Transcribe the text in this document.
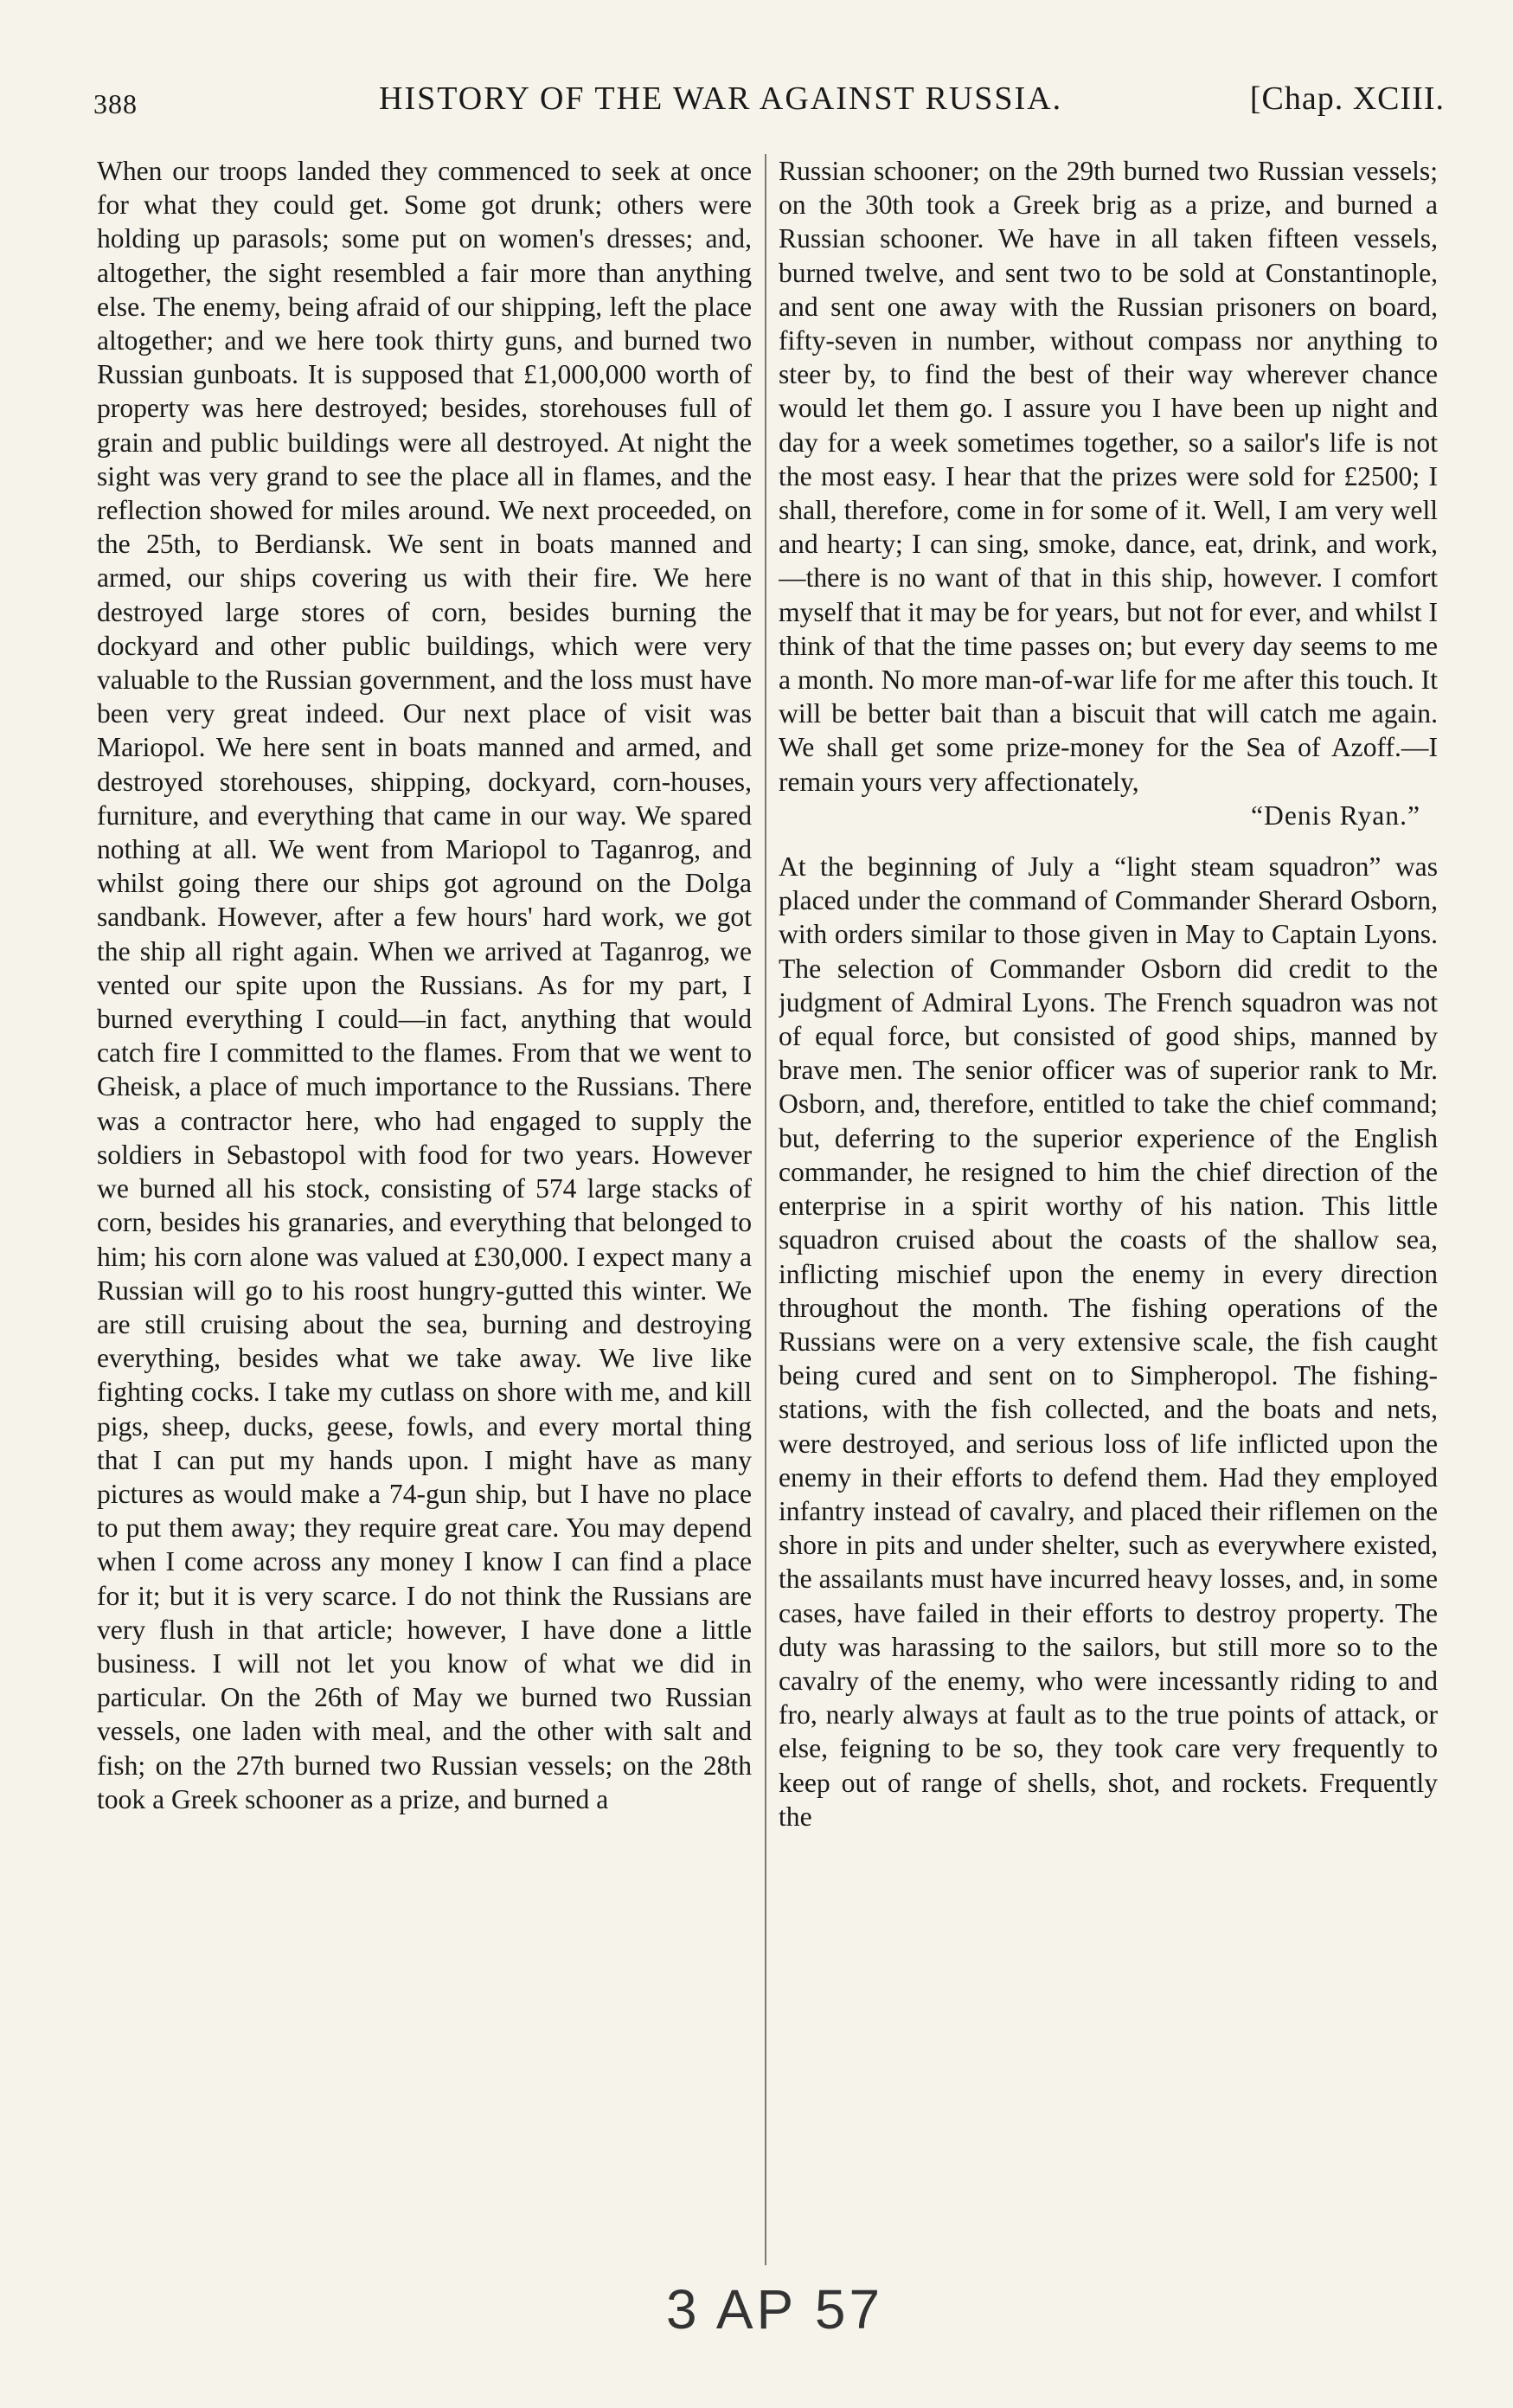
388	HISTORY OF THE WAR AGAINST RUSSIA.	[Chap. XCIII.

When our troops landed they commenced to seek at once for what they could get. Some got drunk; others were holding up parasols; some put on women's dresses; and, altogether, the sight resembled a fair more than anything else. The enemy, being afraid of our shipping, left the place altogether; and we here took thirty guns, and burned two Russian gunboats. It is supposed that £1,000,000 worth of property was here destroyed; besides, storehouses full of grain and public buildings were all destroyed. At night the sight was very grand to see the place all in flames, and the reflection showed for miles around. We next proceeded, on the 25th, to Berdiansk. We sent in boats manned and armed, our ships covering us with their fire. We here destroyed large stores of corn, besides burning the dockyard and other public buildings, which were very valuable to the Russian government, and the loss must have been very great indeed. Our next place of visit was Mariopol. We here sent in boats manned and armed, and destroyed storehouses, shipping, dockyard, corn-houses, furniture, and everything that came in our way. We spared nothing at all. We went from Mariopol to Taganrog, and whilst going there our ships got aground on the Dolga sandbank. However, after a few hours' hard work, we got the ship all right again. When we arrived at Taganrog, we vented our spite upon the Russians. As for my part, I burned everything I could—in fact, anything that would catch fire I committed to the flames. From that we went to Gheisk, a place of much importance to the Russians. There was a contractor here, who had engaged to supply the soldiers in Sebastopol with food for two years. However we burned all his stock, consisting of 574 large stacks of corn, besides his granaries, and everything that belonged to him; his corn alone was valued at £30,000. I expect many a Russian will go to his roost hungry-gutted this winter. We are still cruising about the sea, burning and destroying everything, besides what we take away. We live like fighting cocks. I take my cutlass on shore with me, and kill pigs, sheep, ducks, geese, fowls, and every mortal thing that I can put my hands upon. I might have as many pictures as would make a 74-gun ship, but I have no place to put them away; they require great care. You may depend when I come across any money I know I can find a place for it; but it is very scarce. I do not think the Russians are very flush in that article; however, I have done a little business. I will not let you know of what we did in particular. On the 26th of May we burned two Russian vessels, one laden with meal, and the other with salt and fish; on the 27th burned two Russian vessels; on the 28th took a Greek schooner as a prize, and burned a

Russian schooner; on the 29th burned two Russian vessels; on the 30th took a Greek brig as a prize, and burned a Russian schooner. We have in all taken fifteen vessels, burned twelve, and sent two to be sold at Constantinople, and sent one away with the Russian prisoners on board, fifty-seven in number, without compass nor anything to steer by, to find the best of their way wherever chance would let them go. I assure you I have been up night and day for a week sometimes together, so a sailor's life is not the most easy. I hear that the prizes were sold for £2500; I shall, therefore, come in for some of it. Well, I am very well and hearty; I can sing, smoke, dance, eat, drink, and work,—there is no want of that in this ship, however. I comfort myself that it may be for years, but not for ever, and whilst I think of that the time passes on; but every day seems to me a month. No more man-of-war life for me after this touch. It will be better bait than a biscuit that will catch me again. We shall get some prize-money for the Sea of Azoff.—I remain yours very affectionately,

“Denis Ryan.”

At the beginning of July a “light steam squadron” was placed under the command of Commander Sherard Osborn, with orders similar to those given in May to Captain Lyons. The selection of Commander Osborn did credit to the judgment of Admiral Lyons. The French squadron was not of equal force, but consisted of good ships, manned by brave men. The senior officer was of superior rank to Mr. Osborn, and, therefore, entitled to take the chief command; but, deferring to the superior experience of the English commander, he resigned to him the chief direction of the enterprise in a spirit worthy of his nation. This little squadron cruised about the coasts of the shallow sea, inflicting mischief upon the enemy in every direction throughout the month. The fishing operations of the Russians were on a very extensive scale, the fish caught being cured and sent on to Simpheropol. The fishing-stations, with the fish collected, and the boats and nets, were destroyed, and serious loss of life inflicted upon the enemy in their efforts to defend them. Had they employed infantry instead of cavalry, and placed their riflemen on the shore in pits and under shelter, such as everywhere existed, the assailants must have incurred heavy losses, and, in some cases, have failed in their efforts to destroy property. The duty was harassing to the sailors, but still more so to the cavalry of the enemy, who were incessantly riding to and fro, nearly always at fault as to the true points of attack, or else, feigning to be so, they took care very frequently to keep out of range of shells, shot, and rockets. Frequently the

3 AP 57
